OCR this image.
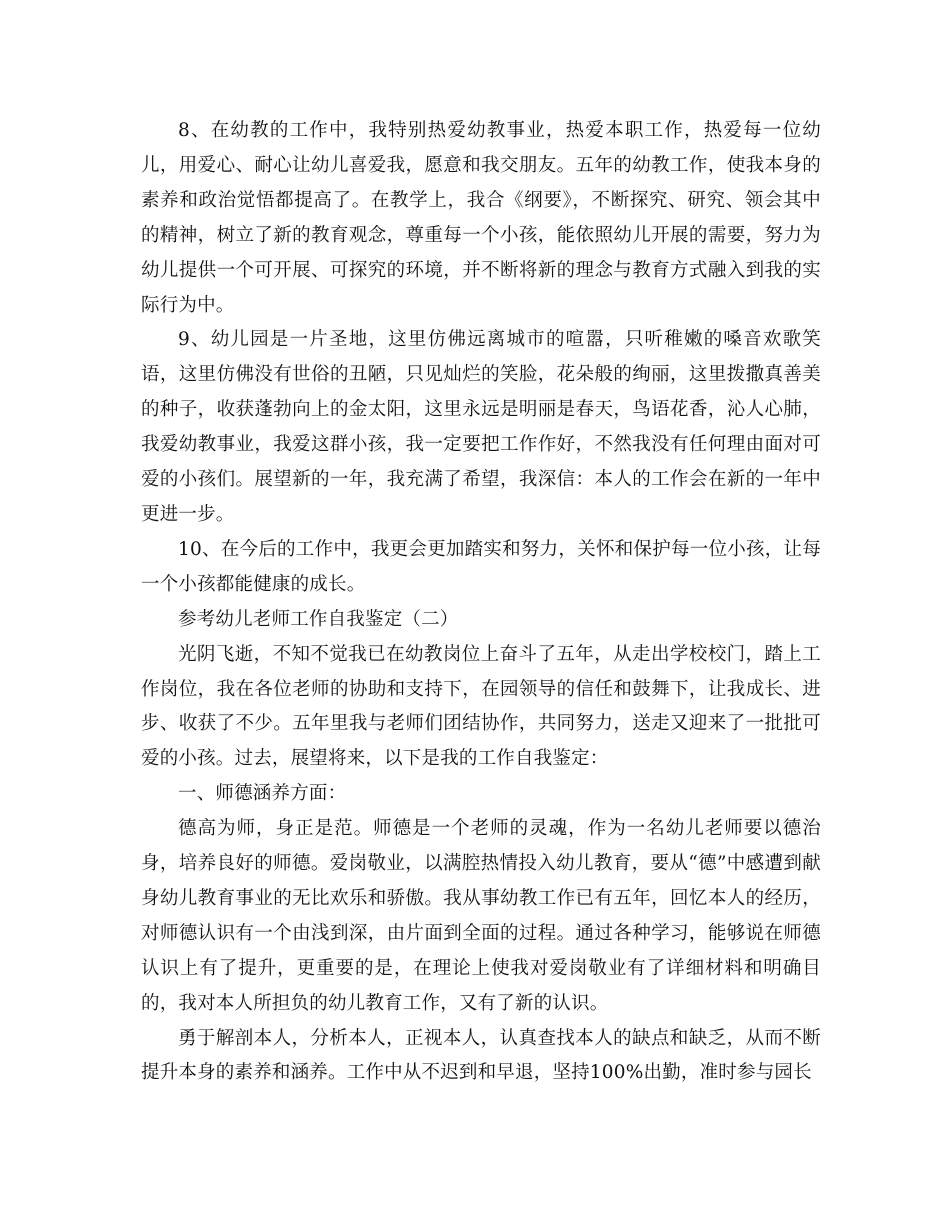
8、在幼教的工作中，我特别热爱幼教事业，热爱本职工作，热爱每一位幼儿，用爱心、耐心让幼儿喜爱我，愿意和我交朋友。五年的幼教工作，使我本身的素养和政治觉悟都提高了。在教学上，我合《纲要》，不断探究、研究、领会其中的精神，树立了新的教育观念，尊重每一个小孩，能依照幼儿开展的需要，努力为幼儿提供一个可开展、可探究的环境，并不断将新的理念与教育方式融入到我的实际行为中。

9、幼儿园是一片圣地，这里仿佛远离城市的喧嚣，只听稚嫩的嗓音欢歌笑语，这里仿佛没有世俗的丑陋，只见灿烂的笑脸，花朵般的绚丽，这里拨撒真善美的种子，收获蓬勃向上的金太阳，这里永远是明丽是春天，鸟语花香，沁人心肺，我爱幼教事业，我爱这群小孩，我一定要把工作作好，不然我没有任何理由面对可爱的小孩们。展望新的一年，我充满了希望，我深信：本人的工作会在新的一年中更进一步。

10、在今后的工作中，我更会更加踏实和努力，关怀和保护每一位小孩，让每一个小孩都能健康的成长。

参考幼儿老师工作自我鉴定（二）

光阴飞逝，不知不觉我已在幼教岗位上奋斗了五年，从走出学校校门，踏上工作岗位，我在各位老师的协助和支持下，在园领导的信任和鼓舞下，让我成长、进步、收获了不少。五年里我与老师们团结协作，共同努力，送走又迎来了一批批可爱的小孩。过去，展望将来，以下是我的工作自我鉴定：

一、师德涵养方面：

德高为师，身正是范。师德是一个老师的灵魂，作为一名幼儿老师要以德治身，培养良好的师德。爱岗敬业，以满腔热情投入幼儿教育，要从“德”中感遭到献身幼儿教育事业的无比欢乐和骄傲。我从事幼教工作已有五年，回忆本人的经历，对师德认识有一个由浅到深，由片面到全面的过程。通过各种学习，能够说在师德认识上有了提升，更重要的是，在理论上使我对爱岗敬业有了详细材料和明确目的，我对本人所担负的幼儿教育工作，又有了新的认识。

勇于解剖本人，分析本人，正视本人，认真查找本人的缺点和缺乏，从而不断提升本身的素养和涵养。工作中从不迟到和早退，坚持100%出勤，准时参与园长
